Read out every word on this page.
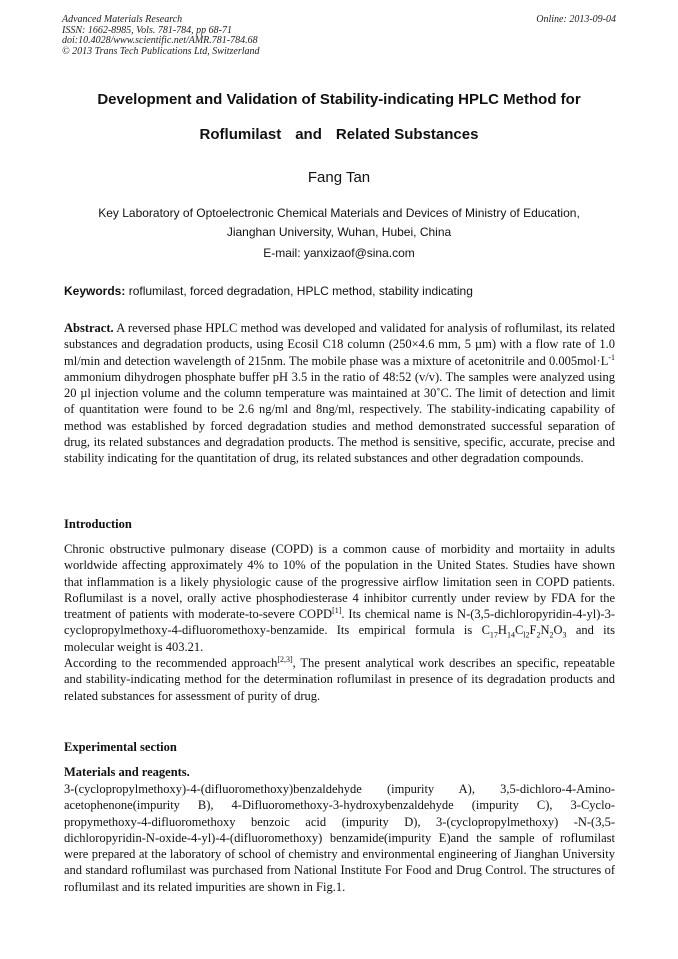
Advanced Materials Research
ISSN: 1662-8985, Vols. 781-784, pp 68-71
doi:10.4028/www.scientific.net/AMR.781-784.68
© 2013 Trans Tech Publications Ltd, Switzerland
Online: 2013-09-04
Development and Validation of Stability-indicating HPLC Method for
Roflumilast and Related Substances
Fang Tan
Key Laboratory of Optoelectronic Chemical Materials and Devices of Ministry of Education,
Jianghan University, Wuhan, Hubei, China
E-mail: yanxizaof@sina.com
Keywords: roflumilast, forced degradation, HPLC method, stability indicating
Abstract. A reversed phase HPLC method was developed and validated for analysis of roflumilast, its related substances and degradation products, using Ecosil C18 column (250×4.6 mm, 5 µm) with a flow rate of 1.0 ml/min and detection wavelength of 215nm. The mobile phase was a mixture of acetonitrile and $0.005mol\cdot L^{-1}$ ammonium dihydrogen phosphate buffer pH 3.5 in the ratio of 48:52 (v/v). The samples were analyzed using 20 µl injection volume and the column temperature was maintained at 30˚C. The limit of detection and limit of quantitation were found to be 2.6 ng/ml and 8ng/ml, respectively. The stability-indicating capability of method was established by forced degradation studies and method demonstrated successful separation of drug, its related substances and degradation products. The method is sensitive, specific, accurate, precise and stability indicating for the quantitation of drug, its related substances and other degradation compounds.
Introduction

Chronic obstructive pulmonary disease (COPD) is a common cause of morbidity and mortaiity in adults worldwide affecting approximately 4% to 10% of the population in the United States. Studies have shown that inflammation is a likely physiologic cause of the progressive airflow limitation seen in COPD patients. Roflumilast is a novel, orally active phosphodiesterase 4 inhibitor currently under review by FDA for the treatment of patients with moderate-to-severe COPD[1]. Its chemical name is N-(3,5-dichloropyridin-4-yl)-3-cyclopropylmethoxy-4-difluoromethoxy-benzamide. Its empirical formula is $C_{17}H_{14}C_{l2}F_2N_2O_3$ and its molecular weight is 403.21.

According to the recommended approach[2,3], The present analytical work describes an specific, repeatable and stability-indicating method for the determination roflumilast in presence of its degradation products and related substances for assessment of purity of drug.

Experimental section
Materials and reagents.
3-(cyclopropylmethoxy)-4-(difluoromethoxy)benzaldehyde (impurity A), 3,5-dichloro-4-Amino-acetophenone(impurity B), 4-Difluoromethoxy-3-hydroxybenzaldehyde (impurity C), 3-Cyclo-propymethoxy-4-difluoromethoxy benzoic acid (impurity D), 3-(cyclopropylmethoxy) -N-(3,5-dichloropyridin-N-oxide-4-yl)-4-(difluoromethoxy) benzamide(impurity E)and the sample of roflumilast were prepared at the laboratory of school of chemistry and environmental engineering of Jianghan University and standard roflumilast was purchased from National Institute For Food and Drug Control. The structures of roflumilast and its related impurities are shown in Fig.1.
